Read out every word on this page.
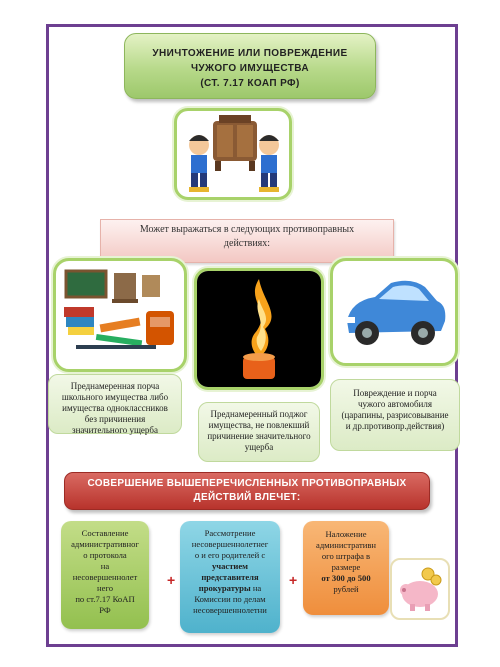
УНИЧТОЖЕНИЕ ИЛИ ПОВРЕЖДЕНИЕ
ЧУЖОГО ИМУЩЕСТВА
(СТ. 7.17 КОАП РФ)
Может выражаться в следующих противоправных
действиях:
Преднамеренная порча
школьного имущества либо
имущества одноклассников
без причинения
значительного ущерба
Преднамеренный поджог
имущества, не повлекший
причинение значительного
ущерба
Повреждение и порча
чужого автомобиля
(царапины, разрисовывание
и др.противопр.действия)
СОВЕРШЕНИЕ ВЫШЕПЕРЕЧИСЛЕННЫХ ПРОТИВОПРАВНЫХ
ДЕЙСТВИЙ ВЛЕЧЕТ:
Составление
административног
о протокола
на
несовершеннолет
него
по ст.7.17 КоАП
РФ
+
Рассмотрение
несовершеннолетнег
о и его родителей с
участием
представителя
прокуратуры на
Комиссии по делам
несовершеннолетни
+
Наложение
административн
ого штрафа в
размере
от 300 до 500
рублей
